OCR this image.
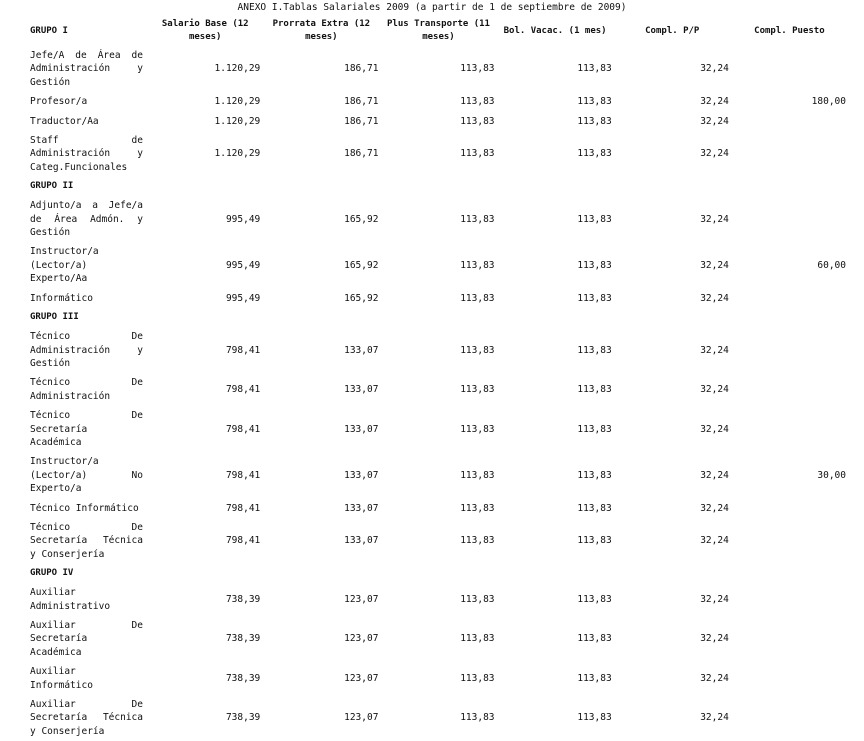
ANEXO I.Tablas Salariales 2009 (a partir de 1 de septiembre de 2009)
GRUPO I	Salario Base (12 meses)	Prorrata Extra (12 meses)	Plus Transporte (11 meses)	Bol. Vacac. (1 mes)	Compl. P/P	Compl. Puesto

Jefe/A de Área de Administración y Gestión	1.120,29	186,71	113,83	113,83	32,24	

Profesor/a	1.120,29	186,71	113,83	113,83	32,24	180,00

Traductor/Aa	1.120,29	186,71	113,83	113,83	32,24	

Staff de Administración y Categ.Funcionales	1.120,29	186,71	113,83	113,83	32,24	
GRUPO II						

Adjunto/a a Jefe/a de Área Admón. y Gestión	995,49	165,92	113,83	113,83	32,24	

Instructor/a (Lector/a) Experto/Aa	995,49	165,92	113,83	113,83	32,24	60,00

Informático	995,49	165,92	113,83	113,83	32,24	
GRUPO III						

Técnico De Administración y Gestión	798,41	133,07	113,83	113,83	32,24	

Técnico De Administración	798,41	133,07	113,83	113,83	32,24	

Técnico De Secretaría Académica	798,41	133,07	113,83	113,83	32,24	

Instructor/a (Lector/a) No Experto/a	798,41	133,07	113,83	113,83	32,24	30,00

Técnico Informático	798,41	133,07	113,83	113,83	32,24	

Técnico De Secretaría Técnica y Conserjería	798,41	133,07	113,83	113,83	32,24	
GRUPO IV						

Auxiliar Administrativo	738,39	123,07	113,83	113,83	32,24	

Auxiliar De Secretaría Académica	738,39	123,07	113,83	113,83	32,24	

Auxiliar Informático	738,39	123,07	113,83	113,83	32,24	

Auxiliar De Secretaría Técnica y Conserjería	738,39	123,07	113,83	113,83	32,24	
